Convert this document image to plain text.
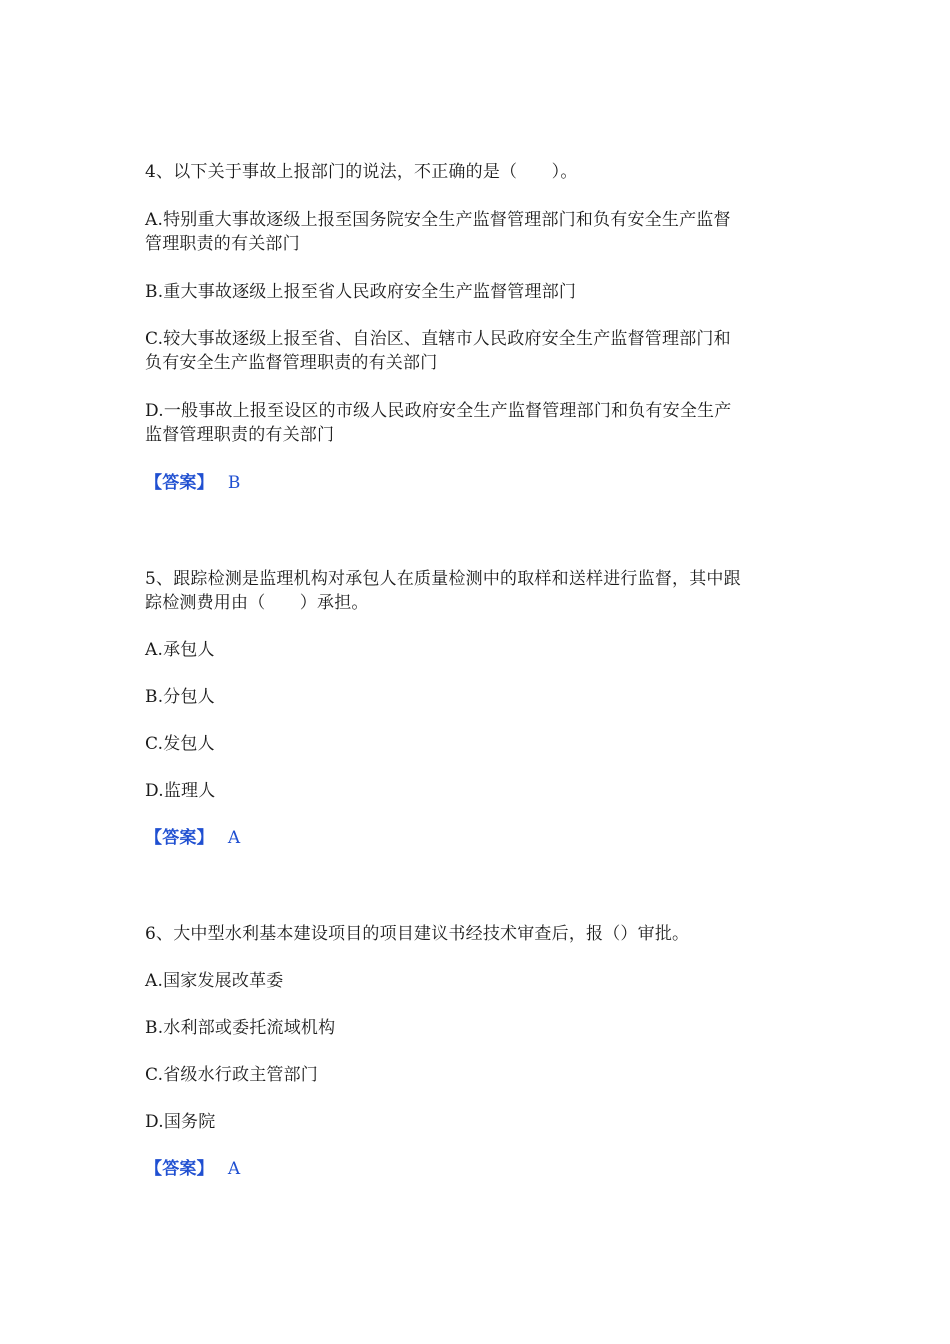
4、以下关于事故上报部门的说法，不正确的是（　　）。
A.特别重大事故逐级上报至国务院安全生产监督管理部门和负有安全生产监督
管理职责的有关部门
B.重大事故逐级上报至省人民政府安全生产监督管理部门
C.较大事故逐级上报至省、自治区、直辖市人民政府安全生产监督管理部门和
负有安全生产监督管理职责的有关部门
D.一般事故上报至设区的市级人民政府安全生产监督管理部门和负有安全生产
监督管理职责的有关部门
【答案】 B
5、跟踪检测是监理机构对承包人在质量检测中的取样和送样进行监督，其中跟
踪检测费用由（　　）承担。
A.承包人
B.分包人
C.发包人
D.监理人
【答案】 A
6、大中型水利基本建设项目的项目建议书经技术审查后，报（）审批。
A.国家发展改革委
B.水利部或委托流域机构
C.省级水行政主管部门
D.国务院
【答案】 A
